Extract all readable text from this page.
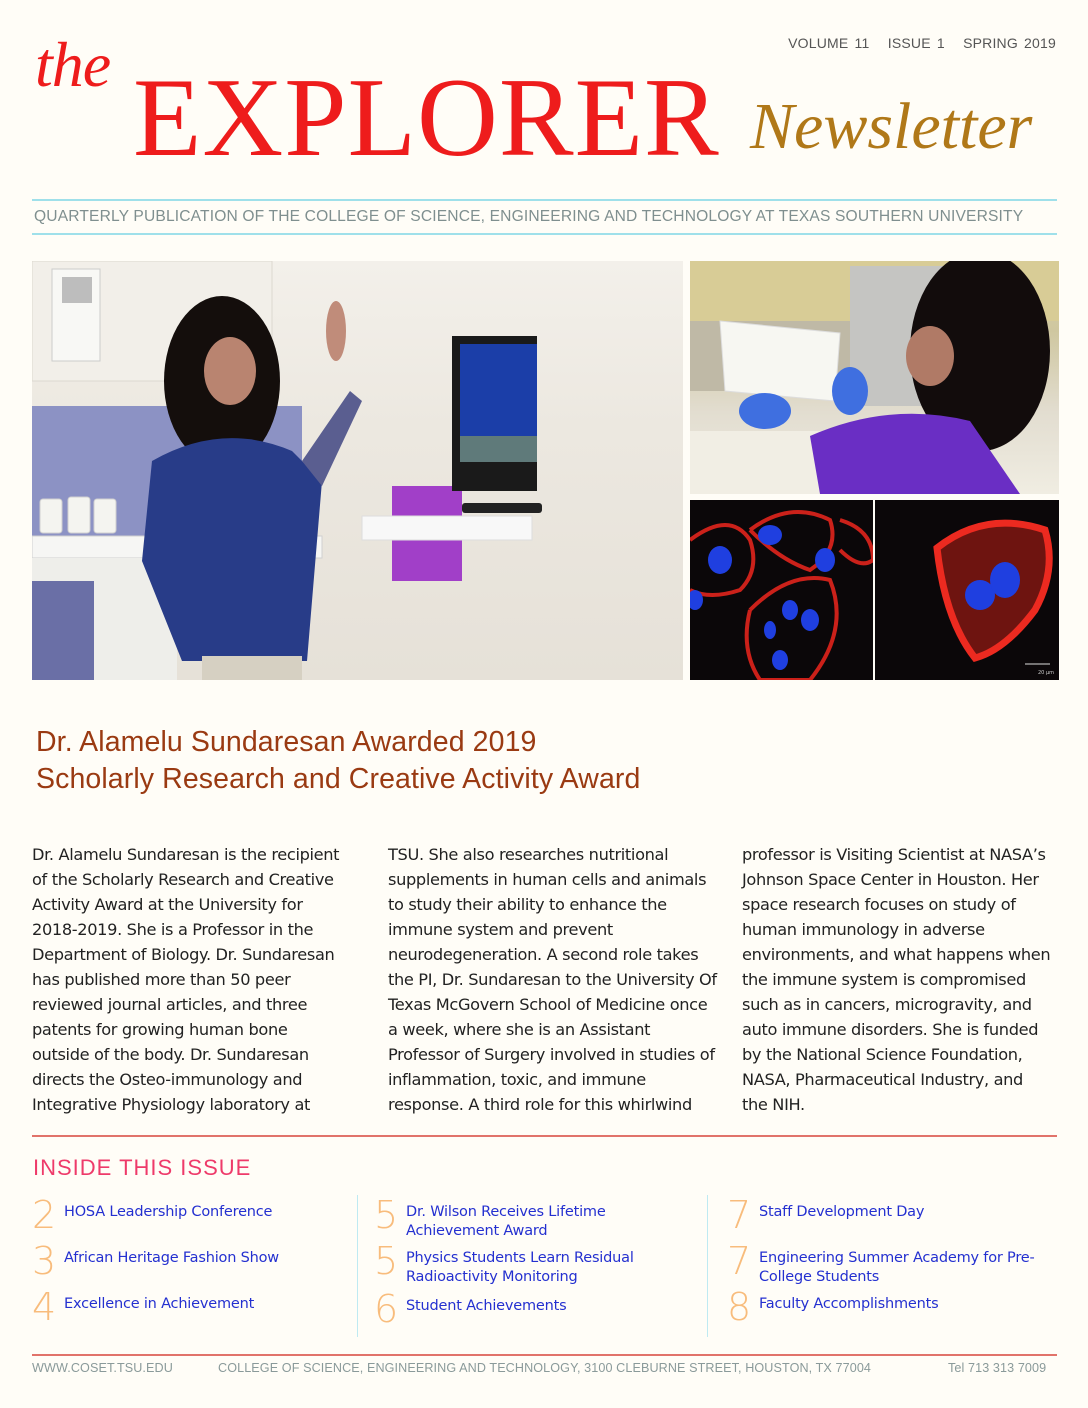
VOLUME 11   ISSUE 1   SPRING 2019
the EXPLORER Newsletter
QUARTERLY PUBLICATION OF THE COLLEGE OF SCIENCE, ENGINEERING AND TECHNOLOGY AT TEXAS SOUTHERN UNIVERSITY
20 µm
Dr. Alamelu Sundaresan Awarded 2019
Scholarly Research and Creative Activity Award

Dr. Alamelu Sundaresan is the recipient

of the Scholarly Research and Creative

Activity Award at the University for

2018-2019. She is a Professor in the

Department of Biology. Dr. Sundaresan

has published more than 50 peer

reviewed journal articles, and three

patents for growing human bone

outside of the body. Dr. Sundaresan

directs the Osteo-immunology and

Integrative Physiology laboratory at

TSU. She also researches nutritional

supplements in human cells and animals

to study their ability to enhance the

immune system and prevent

neurodegeneration. A second role takes

the PI, Dr. Sundaresan to the University Of

Texas McGovern School of Medicine once

a week, where she is an Assistant

Professor of Surgery involved in studies of

inflammation, toxic, and immune

response. A third role for this whirlwind

professor is Visiting Scientist at NASA’s

Johnson Space Center in Houston. Her

space research focuses on study of

human immunology in adverse

environments, and what happens when

the immune system is compromised

such as in cancers, microgravity, and

auto immune disorders. She is funded

by the National Science Foundation,

NASA, Pharmaceutical Industry, and

the NIH.

INSIDE THIS ISSUE
2 HOSA Leadership Conference
3 African Heritage Fashion Show
4 Excellence in Achievement
5 Dr. Wilson Receives Lifetime Achievement Award
5 Physics Students Learn Residual Radioactivity Monitoring
6 Student Achievements
7 Staff Development Day
7 Engineering Summer Academy for Pre-College Students
8 Faculty Accomplishments
WWW.COSET.TSU.EDU	COLLEGE OF SCIENCE, ENGINEERING AND TECHNOLOGY, 3100 CLEBURNE STREET, HOUSTON, TX 77004	Tel 713 313 7009
